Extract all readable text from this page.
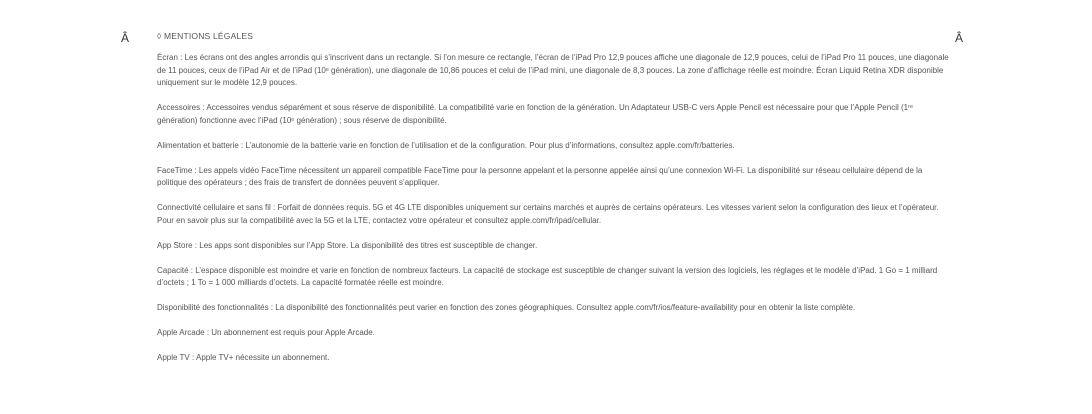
Â	Â
◊ MENTIONS LÉGALES

Écran : Les écrans ont des angles arrondis qui s’inscrivent dans un rectangle. Si l’on mesure ce rectangle, l’écran de l’iPad Pro 12,9 pouces affiche une diagonale de 12,9 pouces, celui de l’iPad Pro 11 pouces, une diagonale de 11 pouces, ceux de l’iPad Air et de l’iPad (10ᵉ génération), une diagonale de 10,86 pouces et celui de l’iPad mini, une diagonale de 8,3 pouces. La zone d’affichage réelle est moindre. Écran Liquid Retina XDR disponible uniquement sur le modèle 12,9 pouces.

Accessoires : Accessoires vendus séparément et sous réserve de disponibilité. La compatibilité varie en fonction de la génération. Un Adaptateur USB‑C vers Apple Pencil est nécessaire pour que l’Apple Pencil (1ʳᵉ génération) fonctionne avec l’iPad (10ᵉ génération) ; sous réserve de disponibilité.

Alimentation et batterie : L’autonomie de la batterie varie en fonction de l’utilisation et de la configuration. Pour plus d’informations, consultez apple.com/fr/batteries.

FaceTime : Les appels vidéo FaceTime nécessitent un appareil compatible FaceTime pour la personne appelant et la personne appelée ainsi qu’une connexion Wi‑Fi. La disponibilité sur réseau cellulaire dépend de la politique des opérateurs ; des frais de transfert de données peuvent s’appliquer.

Connectivité cellulaire et sans fil : Forfait de données requis. 5G et 4G LTE disponibles uniquement sur certains marchés et auprès de certains opérateurs. Les vitesses varient selon la configuration des lieux et l’opérateur. Pour en savoir plus sur la compatibilité avec la 5G et la LTE, contactez votre opérateur et consultez apple.com/fr/ipad/cellular.

App Store : Les apps sont disponibles sur l’App Store. La disponibilité des titres est susceptible de changer.

Capacité : L’espace disponible est moindre et varie en fonction de nombreux facteurs. La capacité de stockage est susceptible de changer suivant la version des logiciels, les réglages et le modèle d’iPad. 1 Go = 1 milliard d’octets ; 1 To = 1 000 milliards d’octets. La capacité formatée réelle est moindre.

Disponibilité des fonctionnalités : La disponibilité des fonctionnalités peut varier en fonction des zones géographiques. Consultez apple.com/fr/ios/feature-availability pour en obtenir la liste complète.

Apple Arcade : Un abonnement est requis pour Apple Arcade.

Apple TV : Apple TV+ nécessite un abonnement.
